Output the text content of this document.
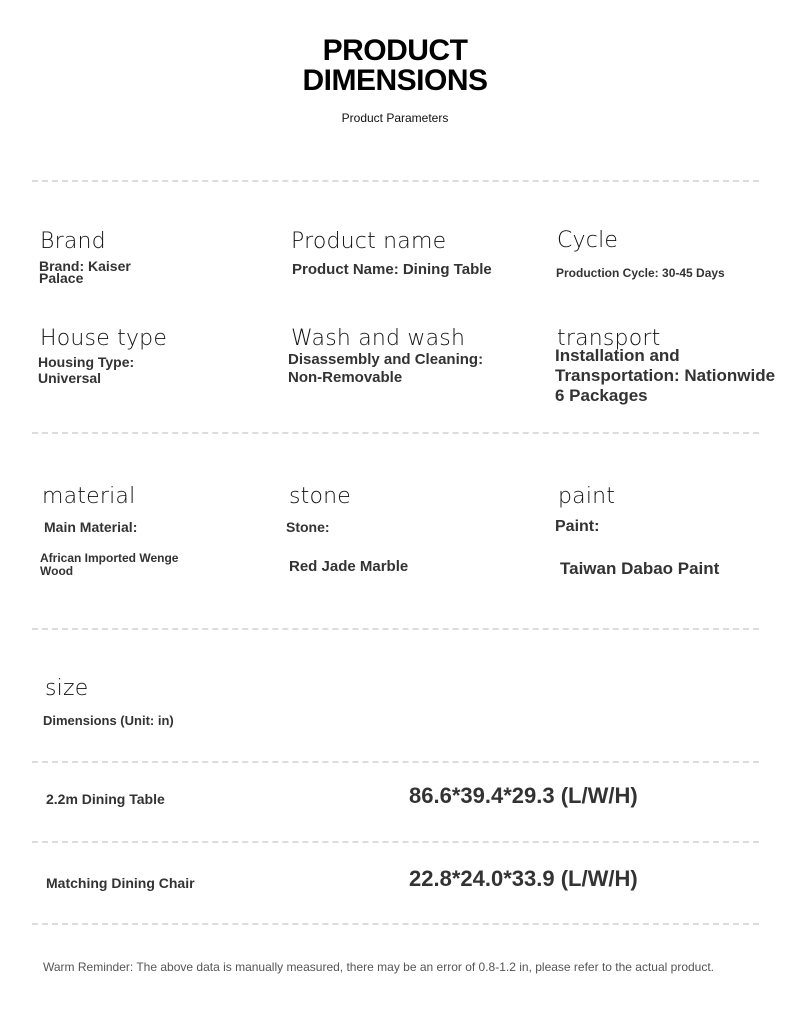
PRODUCT
DIMENSIONS
Product Parameters
Brand
Brand: Kaiser Palace
Product name
Product Name: Dining Table
Cycle
Production Cycle: 30-45 Days
House type
Housing Type: Universal
Wash and wash
Disassembly and Cleaning: Non-Removable
transport
Installation and Transportation: Nationwide 6 Packages
material
Main Material:
African Imported Wenge Wood
stone
Stone:
Red Jade Marble
paint
Paint:
Taiwan Dabao Paint
size
Dimensions (Unit: in)
2.2m Dining Table	86.6*39.4*29.3 (L/W/H)
Matching Dining Chair	22.8*24.0*33.9 (L/W/H)
Warm Reminder: The above data is manually measured, there may be an error of 0.8-1.2 in, please refer to the actual product.
